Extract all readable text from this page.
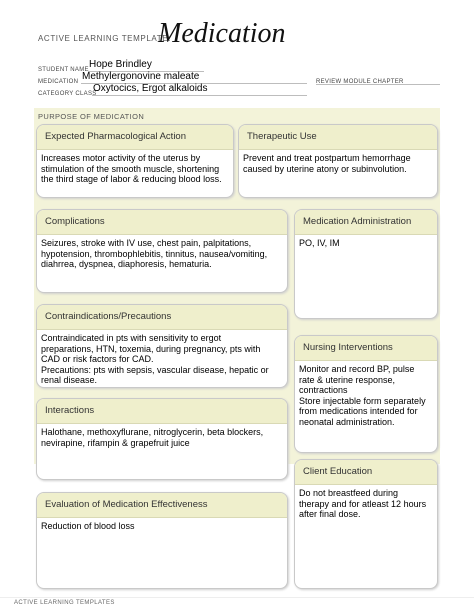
ACTIVE LEARNING TEMPLATE:
Medication
STUDENT NAME Hope Brindley
MEDICATION Methylergonovine maleate	REVIEW MODULE CHAPTER
CATEGORY CLASS
Oxytocics, Ergot alkaloids
PURPOSE OF MEDICATION
Expected Pharmacological Action
Increases motor activity of the uterus by
stimulation of the smooth muscle, shortening
the third stage of labor & reducing blood loss.
Therapeutic Use
Prevent and treat postpartum hemorrhage
caused by uterine atony or subinvolution.
Complications
Seizures, stroke with IV use, chest pain, palpitations,
hypotension, thrombophlebitis, tinnitus, nausea/vomiting,
diahrrea, dyspnea, diaphoresis, hematuria.
Medication Administration
PO, IV, IM
Contraindications/Precautions
Contraindicated in pts with sensitivity to ergot
preparations, HTN, toxemia, during pregnancy, pts with
CAD or risk factors for CAD.
Precautions: pts with sepsis, vascular disease, hepatic or
renal disease.
Nursing Interventions
Monitor and record BP, pulse
rate & uterine response,
contractions
Store injectable form separately
from medications intended for
neonatal administration.
Interactions
Halothane, methoxyflurane, nitroglycerin, beta blockers,
nevirapine, rifampin & grapefruit juice
Client Education
Do not breastfeed during
therapy and for atleast 12 hours
after final dose.
Evaluation of Medication Effectiveness
Reduction of blood loss
ACTIVE LEARNING TEMPLATES
